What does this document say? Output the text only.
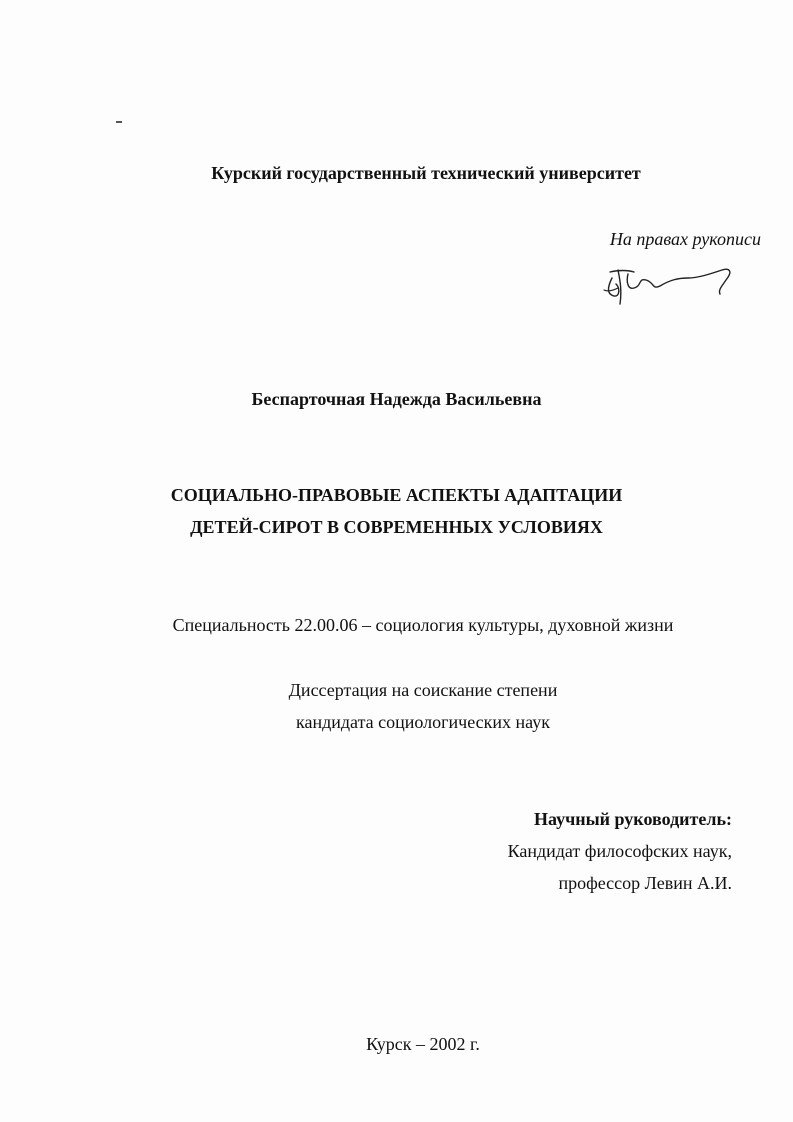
Курский государственный технический университет
На правах рукописи
Беспарточная Надежда Васильевна
СОЦИАЛЬНО-ПРАВОВЫЕ АСПЕКТЫ АДАПТАЦИИ
ДЕТЕЙ-СИРОТ В СОВРЕМЕННЫХ УСЛОВИЯХ
Специальность 22.00.06 – социология культуры, духовной жизни
Диссертация на соискание степени
кандидата социологических наук
Научный руководитель:
Кандидат философских наук,
профессор Левин А.И.
Курск – 2002 г.
